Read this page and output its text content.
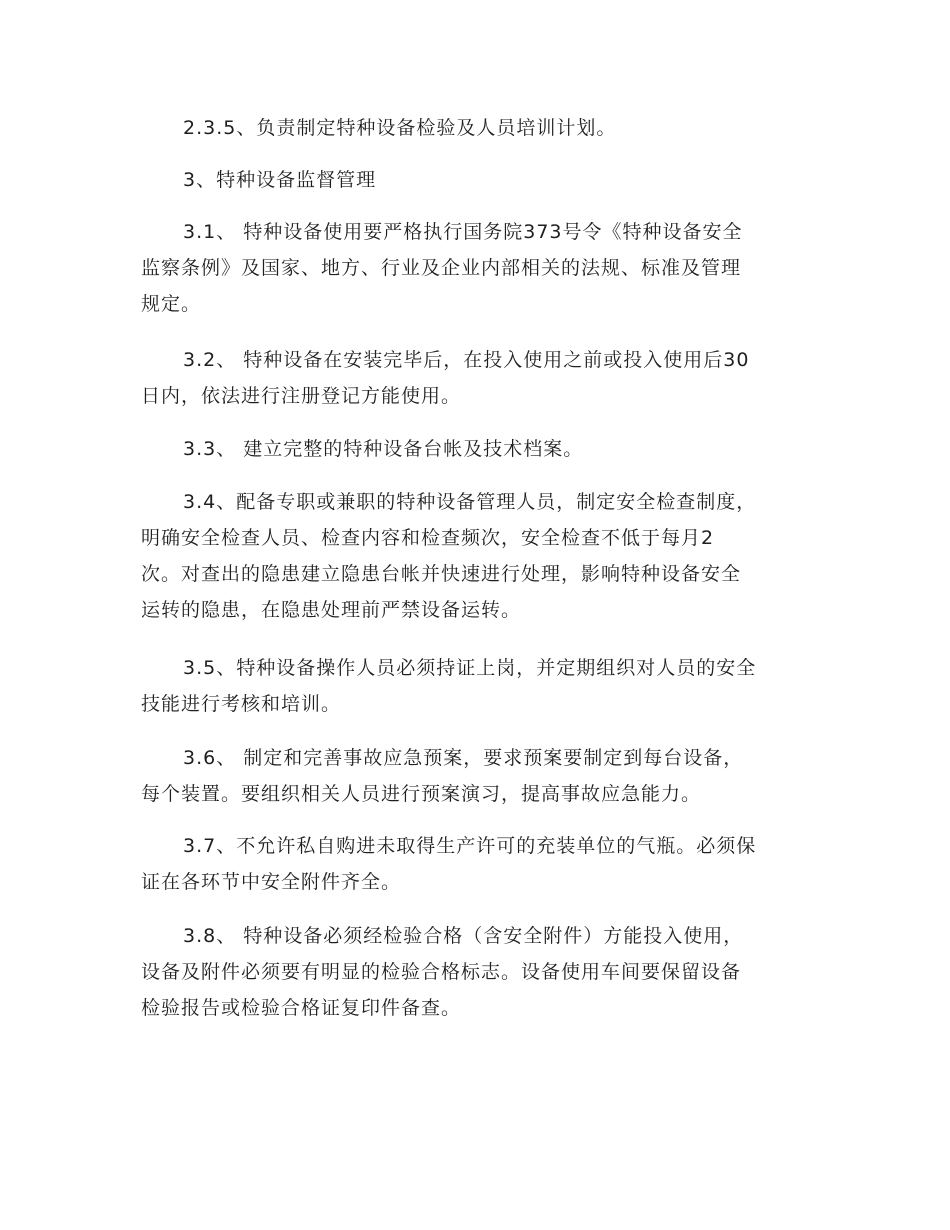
2.3.5、负责制定特种设备检验及人员培训计划。
3、特种设备监督管理
3.1、 特种设备使用要严格执行国务院373号令《特种设备安全
监察条例》及国家、地方、行业及企业内部相关的法规、标准及管理
规定。
3.2、 特种设备在安装完毕后，在投入使用之前或投入使用后30
日内，依法进行注册登记方能使用。
3.3、 建立完整的特种设备台帐及技术档案。
3.4、配备专职或兼职的特种设备管理人员，制定安全检查制度，
明确安全检查人员、检查内容和检查频次，安全检查不低于每月2
次。对查出的隐患建立隐患台帐并快速进行处理，影响特种设备安全
运转的隐患，在隐患处理前严禁设备运转。
3.5、特种设备操作人员必须持证上岗，并定期组织对人员的安全
技能进行考核和培训。
3.6、 制定和完善事故应急预案，要求预案要制定到每台设备，
每个装置。要组织相关人员进行预案演习，提高事故应急能力。
3.7、不允许私自购进未取得生产许可的充装单位的气瓶。必须保
证在各环节中安全附件齐全。
3.8、 特种设备必须经检验合格（含安全附件）方能投入使用，
设备及附件必须要有明显的检验合格标志。设备使用车间要保留设备
检验报告或检验合格证复印件备查。
